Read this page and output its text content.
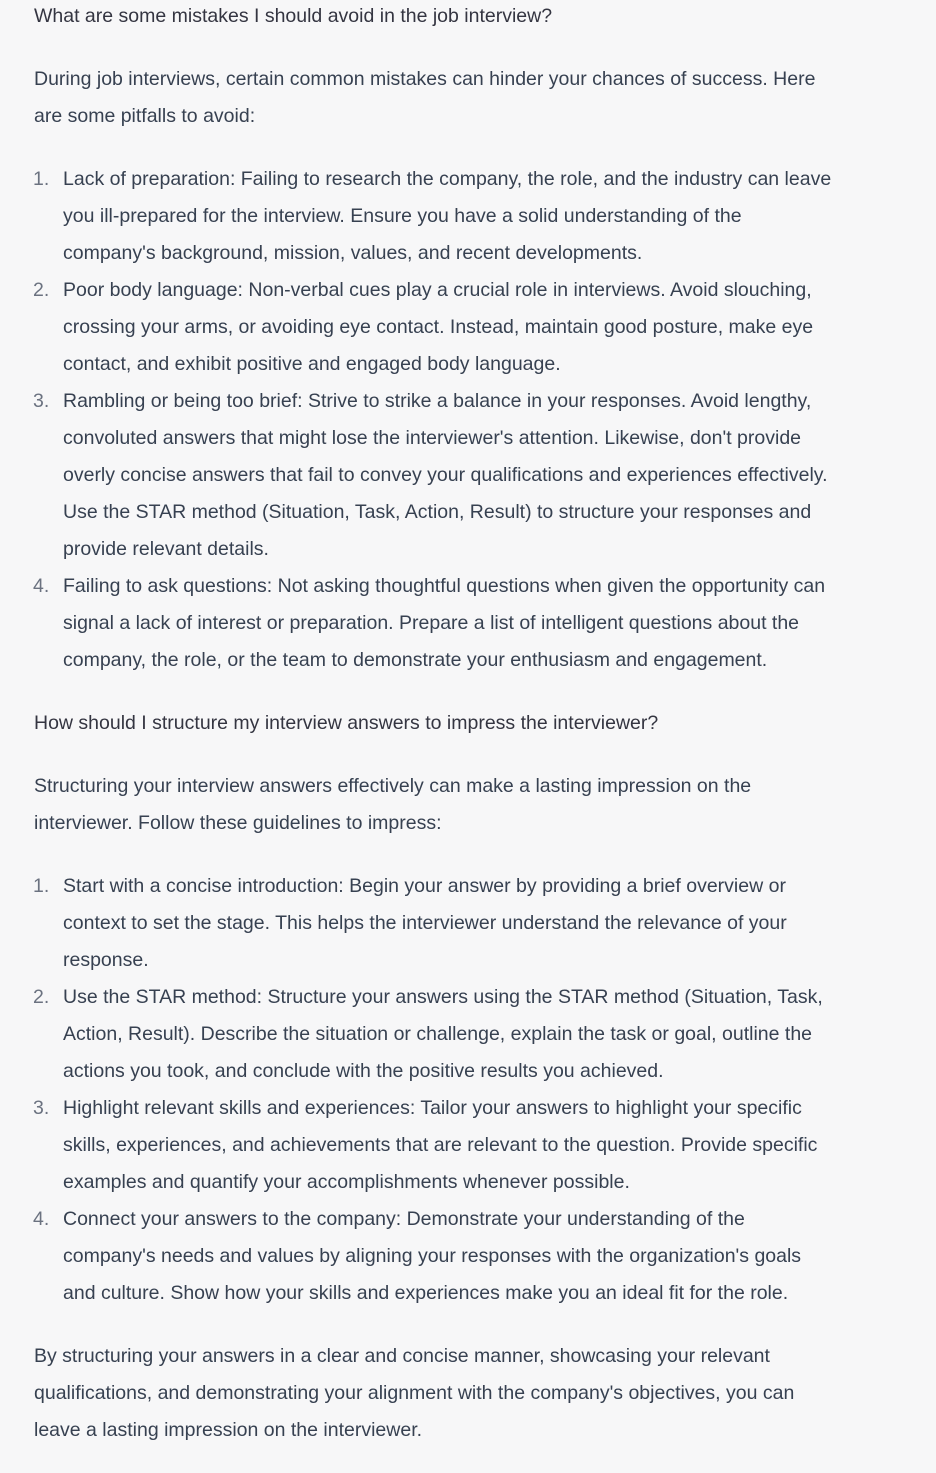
What are some mistakes I should avoid in the job interview?

During job interviews, certain common mistakes can hinder your chances of success. Here

are some pitfalls to avoid:

1. Lack of preparation: Failing to research the company, the role, and the industry can leave
you ill-prepared for the interview. Ensure you have a solid understanding of the
company's background, mission, values, and recent developments.
2. Poor body language: Non-verbal cues play a crucial role in interviews. Avoid slouching,
crossing your arms, or avoiding eye contact. Instead, maintain good posture, make eye
contact, and exhibit positive and engaged body language.
3. Rambling or being too brief: Strive to strike a balance in your responses. Avoid lengthy,
convoluted answers that might lose the interviewer's attention. Likewise, don't provide
overly concise answers that fail to convey your qualifications and experiences effectively.
Use the STAR method (Situation, Task, Action, Result) to structure your responses and
provide relevant details.
4. Failing to ask questions: Not asking thoughtful questions when given the opportunity can
signal a lack of interest or preparation. Prepare a list of intelligent questions about the
company, the role, or the team to demonstrate your enthusiasm and engagement.

How should I structure my interview answers to impress the interviewer?

Structuring your interview answers effectively can make a lasting impression on the

interviewer. Follow these guidelines to impress:

1. Start with a concise introduction: Begin your answer by providing a brief overview or
context to set the stage. This helps the interviewer understand the relevance of your
response.
2. Use the STAR method: Structure your answers using the STAR method (Situation, Task,
Action, Result). Describe the situation or challenge, explain the task or goal, outline the
actions you took, and conclude with the positive results you achieved.
3. Highlight relevant skills and experiences: Tailor your answers to highlight your specific
skills, experiences, and achievements that are relevant to the question. Provide specific
examples and quantify your accomplishments whenever possible.
4. Connect your answers to the company: Demonstrate your understanding of the
company's needs and values by aligning your responses with the organization's goals
and culture. Show how your skills and experiences make you an ideal fit for the role.

By structuring your answers in a clear and concise manner, showcasing your relevant

qualifications, and demonstrating your alignment with the company's objectives, you can

leave a lasting impression on the interviewer.
